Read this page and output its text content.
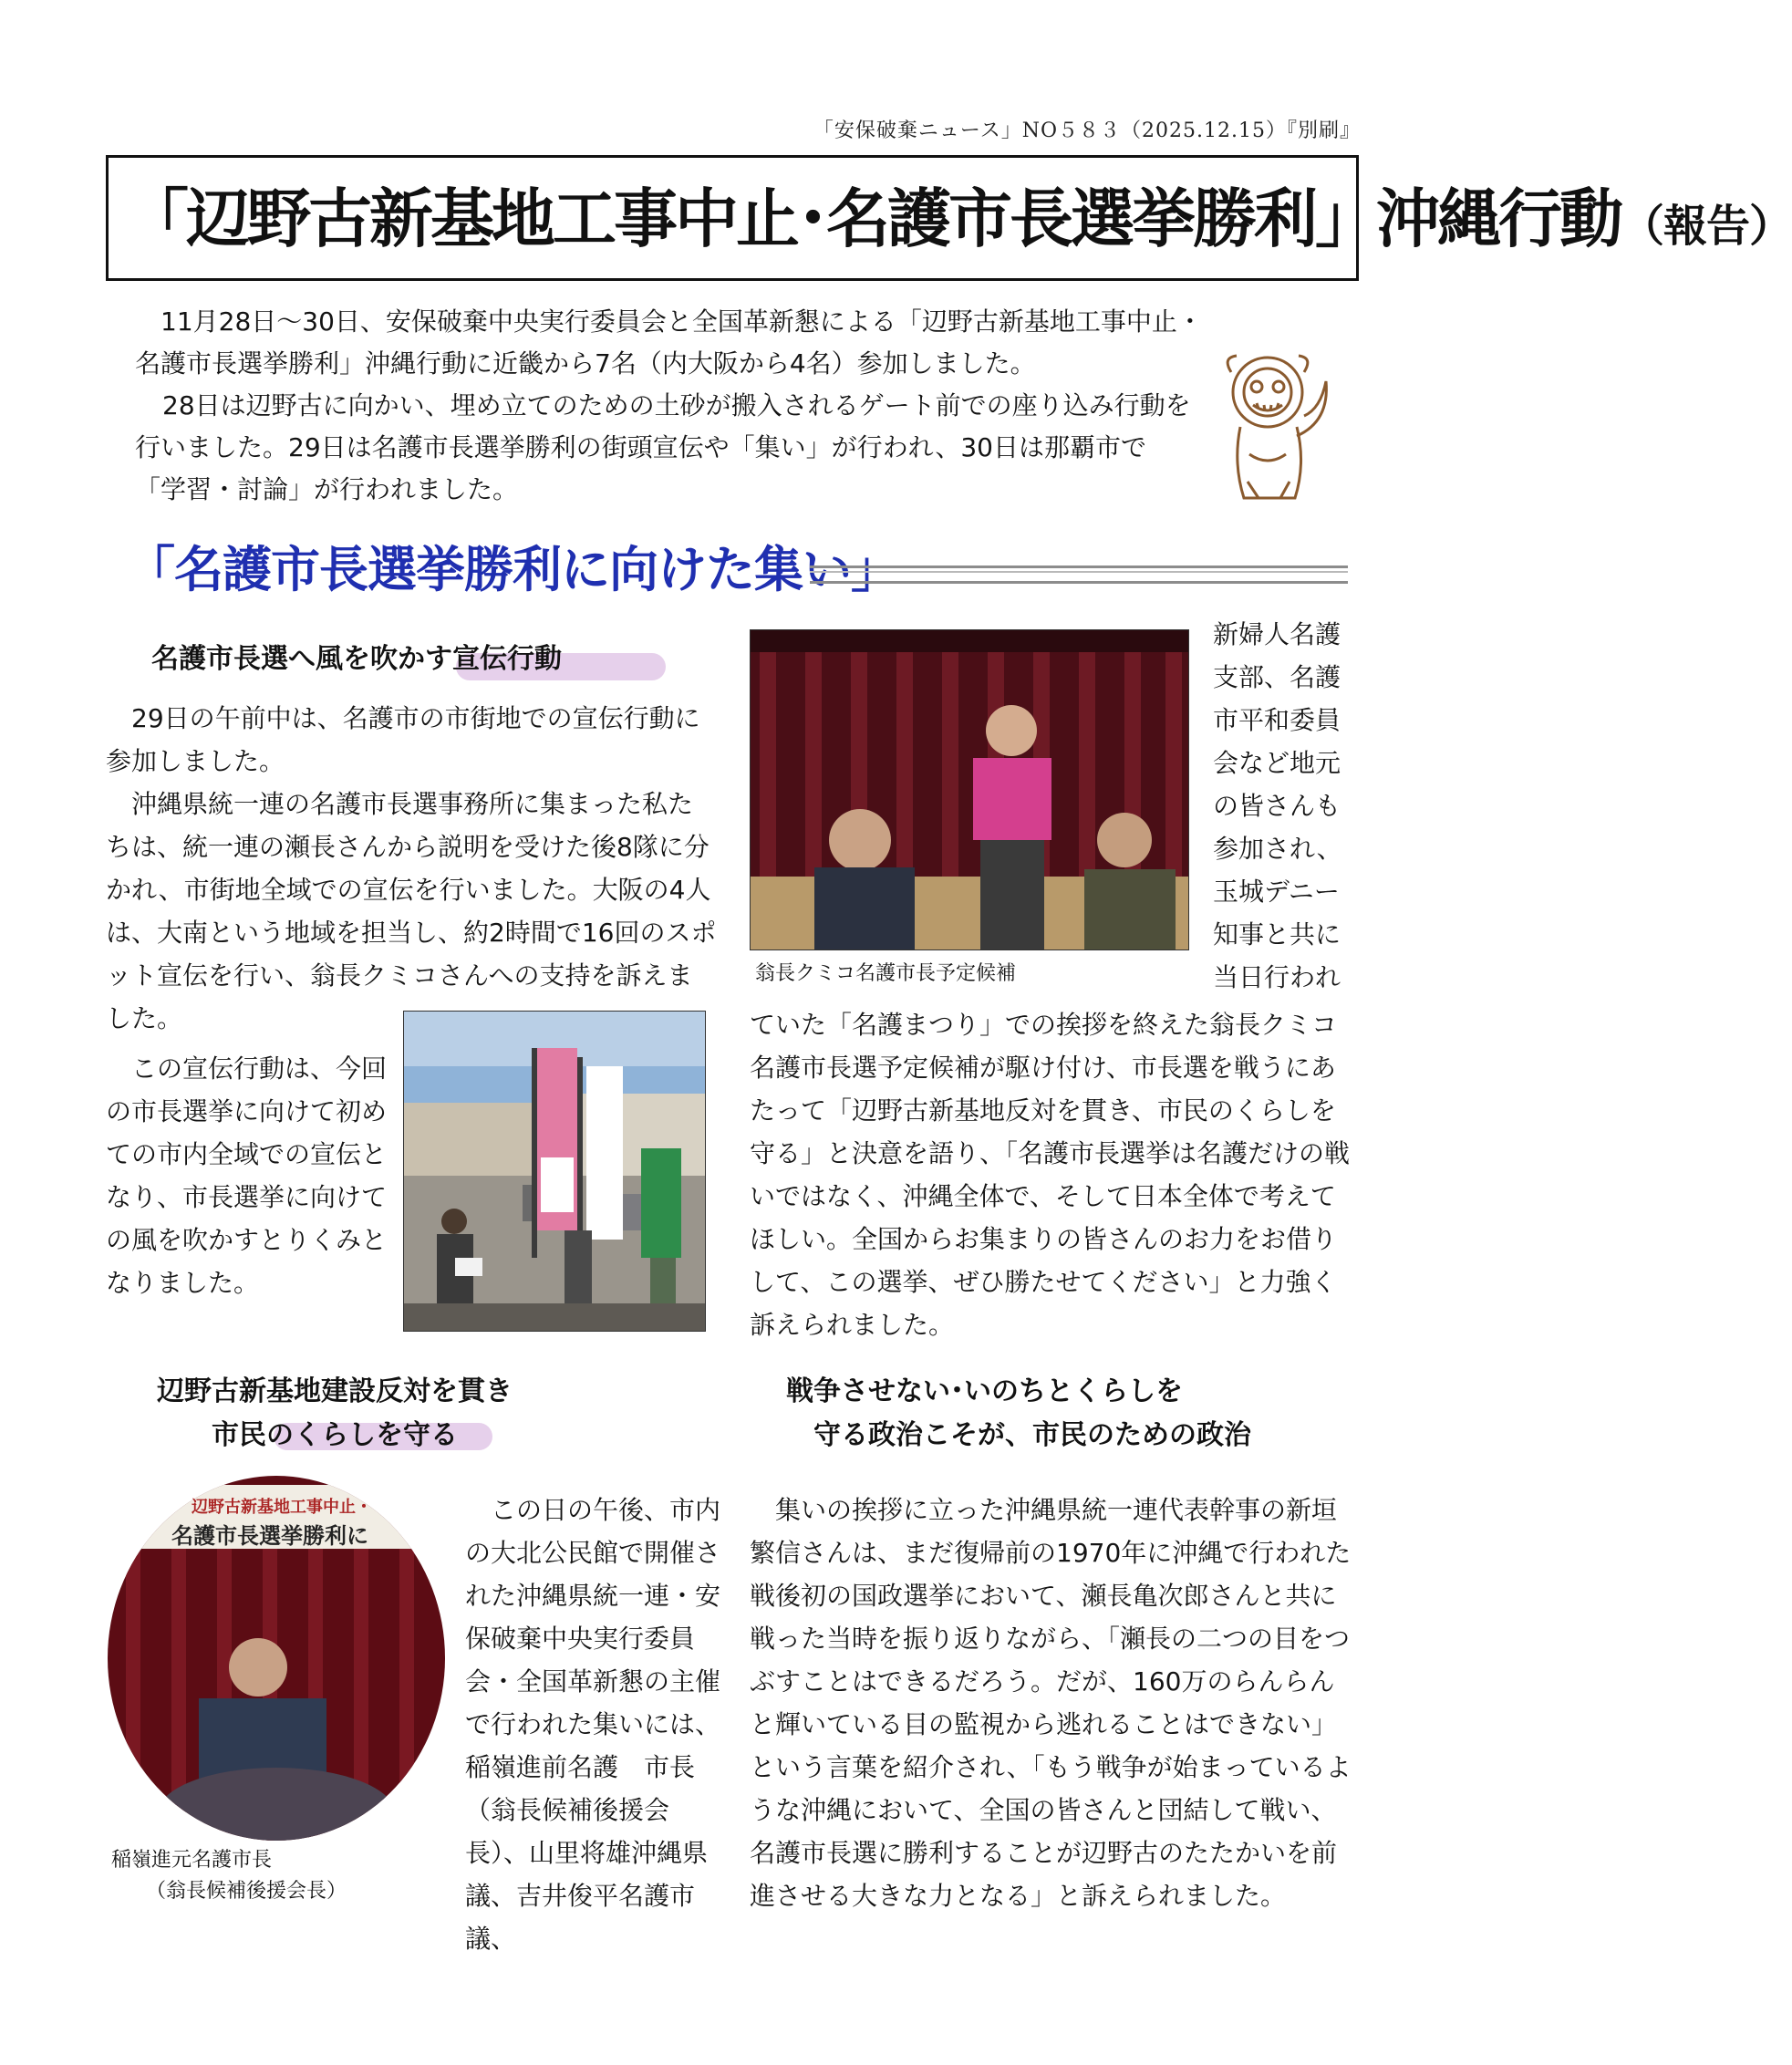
「安保破棄ニュース」NO５８３（2025.12.15）『別刷』
「辺野古新基地工事中止･名護市長選挙勝利」沖縄行動（報告）

11月28日～30日、安保破棄中央実行委員会と全国革新懇による「辺野古新基地工事中止・名護市長選挙勝利」沖縄行動に近畿から7名（内大阪から4名）参加しました。

28日は辺野古に向かい、埋め立てのための土砂が搬入されるゲート前での座り込み行動を行いました。29日は名護市長選挙勝利の街頭宣伝や「集い」が行われ、30日は那覇市で「学習・討論」が行われました。

「名護市長選挙勝利に向けた集い」
名護市長選へ風を吹かす宣伝行動

29日の午前中は、名護市の市街地での宣伝行動に参加しました。

沖縄県統一連の名護市長選事務所に集まった私たちは、統一連の瀬長さんから説明を受けた後8隊に分かれ、市街地全域での宣伝を行いました。大阪の4人は、大南という地域を担当し、約2時間で16回のスポット宣伝を行い、翁長クミコさんへの支持を訴えました。

この宣伝行動は、今回の市長選挙に向けて初めての市内全域での宣伝となり、市長選挙に向けての風を吹かすとりくみとなりました。

翁長クミコ名護市長予定候補

新婦人名護支部、名護市平和委員会など地元の皆さんも参加され、玉城デニー知事と共に当日行われ

ていた「名護まつり」での挨拶を終えた翁長クミコ名護市長選予定候補が駆け付け、市長選を戦うにあたって「辺野古新基地反対を貫き、市民のくらしを守る」と決意を語り、「名護市長選挙は名護だけの戦いではなく、沖縄全体で、そして日本全体で考えてほしい。全国からお集まりの皆さんのお力をお借りして、この選挙、ぜひ勝たせてください」と力強く訴えられました。

辺野古新基地建設反対を貫き
市民のくらしを守る
辺野古新基地工事中止・
名護市長選挙勝利に
稲嶺進元名護市長
（翁長候補後援会長）

この日の午後、市内の大北公民館で開催された沖縄県統一連・安保破棄中央実行委員会・全国革新懇の主催で行われた集いには、稲嶺進前名護　市長（翁長候補後援会長）、山里将雄沖縄県議、吉井俊平名護市議、

戦争させない･いのちとくらしを
守る政治こそが、市民のための政治

集いの挨拶に立った沖縄県統一連代表幹事の新垣繁信さんは、まだ復帰前の1970年に沖縄で行われた戦後初の国政選挙において、瀬長亀次郎さんと共に戦った当時を振り返りながら、「瀬長の二つの目をつぶすことはできるだろう。だが、160万のらんらんと輝いている目の監視から逃れることはできない」という言葉を紹介され、「もう戦争が始まっているような沖縄において、全国の皆さんと団結して戦い、名護市長選に勝利することが辺野古のたたかいを前進させる大きな力となる」と訴えられました。
